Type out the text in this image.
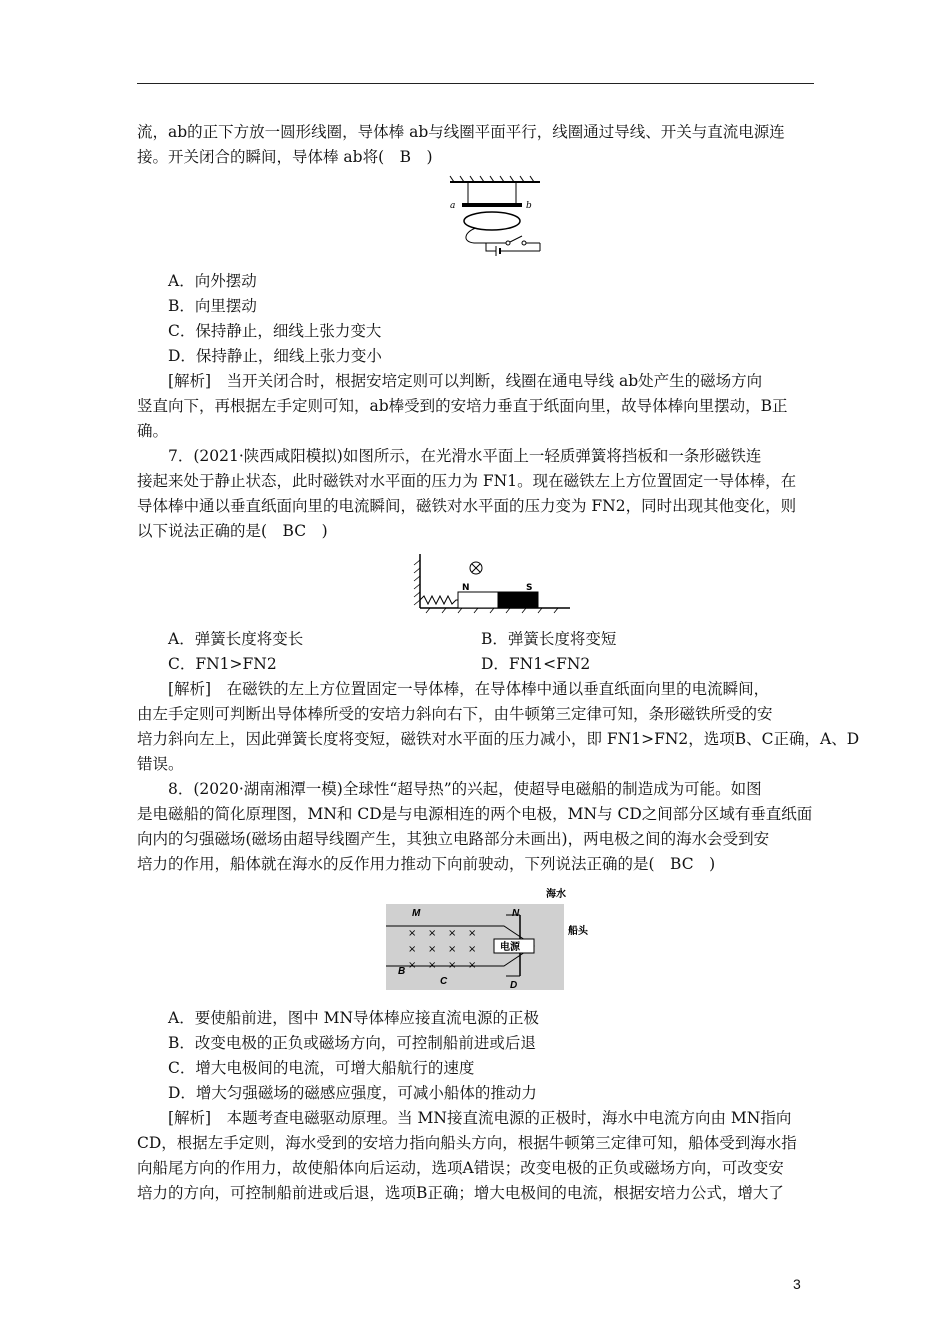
流，ab的正下方放一圆形线圈，导体棒 ab与线圈平面平行，线圈通过导线、开关与直流电源连
接。开关闭合的瞬间，导体棒 ab将(　B　)
a	b
A．向外摆动
B．向里摆动
C．保持静止，细线上张力变大
D．保持静止，细线上张力变小
[解析]　当开关闭合时，根据安培定则可以判断，线圈在通电导线 ab处产生的磁场方向
竖直向下，再根据左手定则可知，ab棒受到的安培力垂直于纸面向里，故导体棒向里摆动，B正
确。
7．(2021·陕西咸阳模拟)如图所示，在光滑水平面上一轻质弹簧将挡板和一条形磁铁连
接起来处于静止状态，此时磁铁对水平面的压力为 FN1。现在磁铁左上方位置固定一导体棒，在
导体棒中通以垂直纸面向里的电流瞬间，磁铁对水平面的压力变为 FN2，同时出现其他变化，则
以下说法正确的是(　BC　)
N	S
A．弹簧长度将变长	B．弹簧长度将变短
C．FN1>FN2	D．FN1<FN2
[解析]　在磁铁的左上方位置固定一导体棒，在导体棒中通以垂直纸面向里的电流瞬间，
由左手定则可判断出导体棒所受的安培力斜向右下，由牛顿第三定律可知，条形磁铁所受的安
培力斜向左上，因此弹簧长度将变短，磁铁对水平面的压力减小，即 FN1>FN2，选项B、C正确，A、D
错误。
8．(2020·湖南湘潭一模)全球性“超导热”的兴起，使超导电磁船的制造成为可能。如图
是电磁船的简化原理图，MN和 CD是与电源相连的两个电极，MN与 CD之间部分区域有垂直纸面
向内的匀强磁场(磁场由超导线圈产生，其独立电路部分未画出)，两电极之间的海水会受到安
培力的作用，船体就在海水的反作用力推动下向前驶动，下列说法正确的是(　BC　)
海水
船头
电源
M	N
B
C	D
× × × ×
× × × ×
× × × ×
A．要使船前进，图中 MN导体棒应接直流电源的正极
B．改变电极的正负或磁场方向，可控制船前进或后退
C．增大电极间的电流，可增大船航行的速度
D．增大匀强磁场的磁感应强度，可减小船体的推动力
[解析]　本题考查电磁驱动原理。当 MN接直流电源的正极时，海水中电流方向由 MN指向
CD，根据左手定则，海水受到的安培力指向船头方向，根据牛顿第三定律可知，船体受到海水指
向船尾方向的作用力，故使船体向后运动，选项A错误；改变电极的正负或磁场方向，可改变安
培力的方向，可控制船前进或后退，选项B正确；增大电极间的电流，根据安培力公式，增大了
3
